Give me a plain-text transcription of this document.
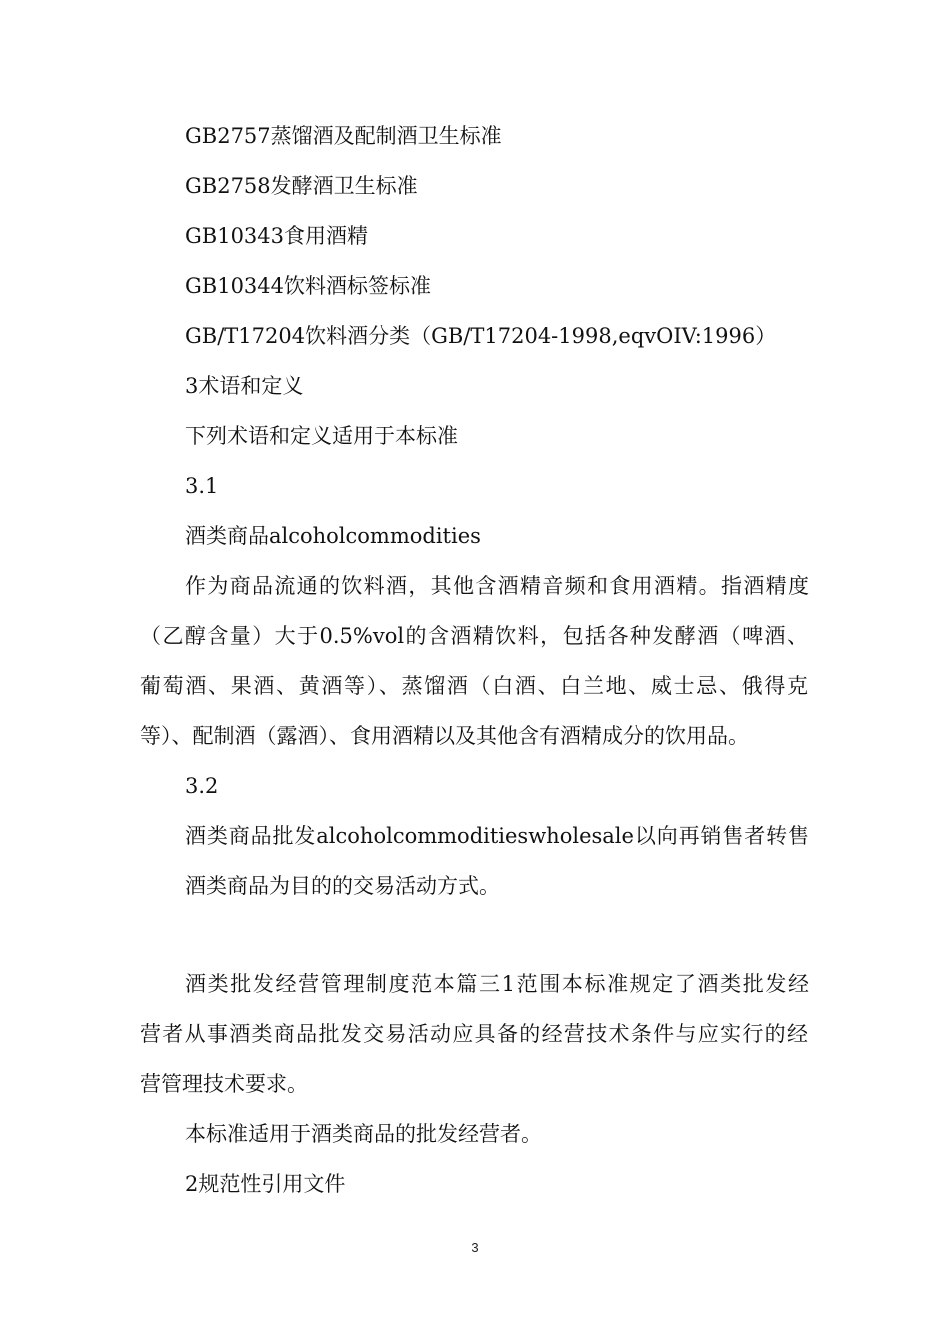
GB2757蒸馏酒及配制酒卫生标准
GB2758发酵酒卫生标准
GB10343食用酒精
GB10344饮料酒标签标准
GB/T17204饮料酒分类（GB/T17204-1998,eqvOIV:1996）
3术语和定义
下列术语和定义适用于本标准
3.1
酒类商品alcoholcommodities
作为商品流通的饮料酒，其他含酒精音频和食用酒精。指酒精度
（乙醇含量）大于0.5%vol的含酒精饮料，包括各种发酵酒（啤酒、
葡萄酒、果酒、黄酒等）、蒸馏酒（白酒、白兰地、威士忌、俄得克
等）、配制酒（露酒）、食用酒精以及其他含有酒精成分的饮用品。
3.2
酒类商品批发alcoholcommoditieswholesale以向再销售者转售
酒类商品为目的的交易活动方式。
酒类批发经营管理制度范本篇三1范围本标准规定了酒类批发经
营者从事酒类商品批发交易活动应具备的经营技术条件与应实行的经
营管理技术要求。
本标准适用于酒类商品的批发经营者。
2规范性引用文件
3
